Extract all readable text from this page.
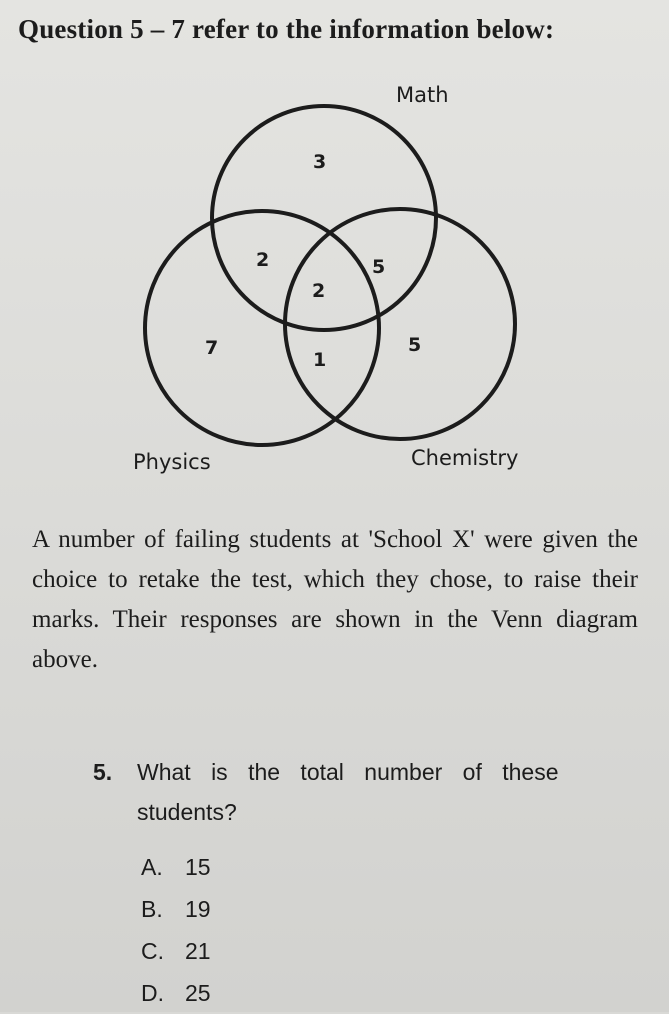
Question 5 – 7 refer to the information below:
Math
Physics	Chemistry
3
2	5
2
7
1
5
A number of failing students at 'School X' were given the choice to retake the test, which they chose, to raise their marks. Their responses are shown in the Venn diagram above.
5. What is the total number of these
students?
A. 15
B. 19
C. 21
D. 25
